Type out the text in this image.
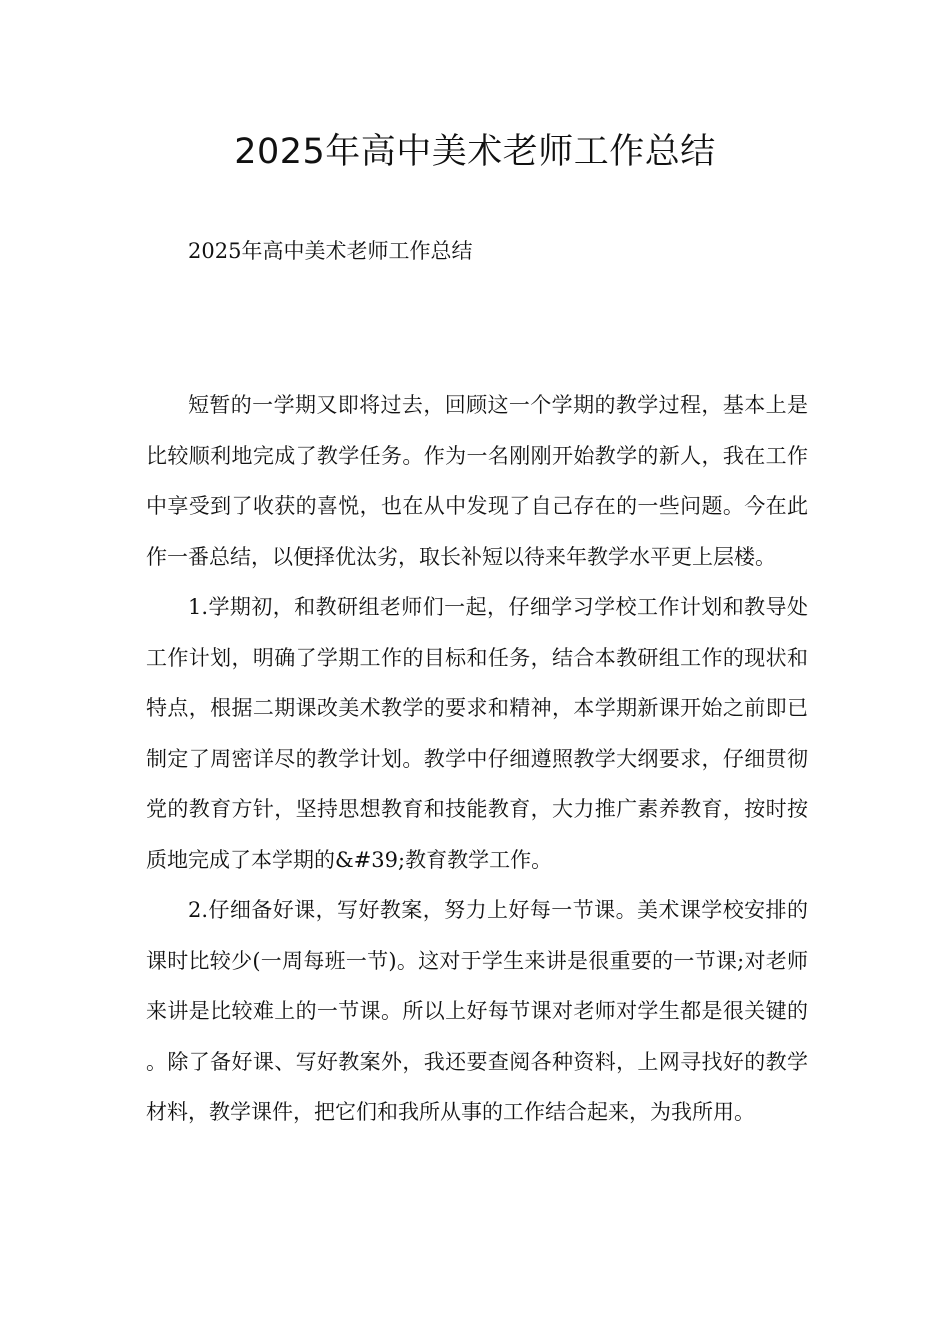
2025年高中美术老师工作总结

2025年高中美术老师工作总结

短暂的一学期又即将过去，回顾这一个学期的教学过程，基本上是比较顺利地完成了教学任务。作为一名刚刚开始教学的新人，我在工作中享受到了收获的喜悦，也在从中发现了自己存在的一些问题。今在此作一番总结，以便择优汰劣，取长补短以待来年教学水平更上层楼。

1.学期初，和教研组老师们一起，仔细学习学校工作计划和教导处工作计划，明确了学期工作的目标和任务，结合本教研组工作的现状和特点，根据二期课改美术教学的要求和精神，本学期新课开始之前即已制定了周密详尽的教学计划。教学中仔细遵照教学大纲要求，仔细贯彻党的教育方针，坚持思想教育和技能教育，大力推广素养教育，按时按质地完成了本学期的&#39;教育教学工作。

2.仔细备好课，写好教案，努力上好每一节课。美术课学校安排的课时比较少(一周每班一节)。这对于学生来讲是很重要的一节课;对老师来讲是比较难上的一节课。所以上好每节课对老师对学生都是很关键的。除了备好课、写好教案外，我还要查阅各种资料，上网寻找好的教学材料，教学课件，把它们和我所从事的工作结合起来，为我所用。
